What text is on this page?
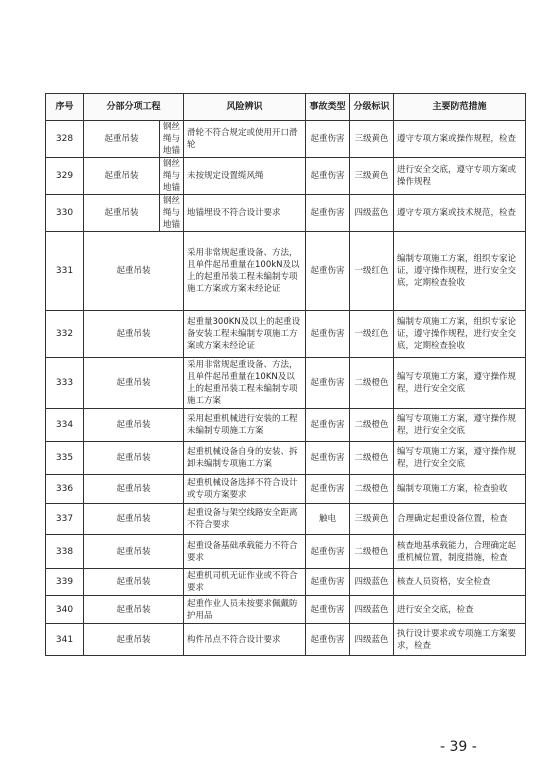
序号	分部分项工程		风险辨识	事故类型	分级标识	主要防范措施
328	起重吊装	钢丝绳与地锚	滑轮不符合规定或使用开口滑轮	起重伤害	三级黄色	遵守专项方案或操作规程，检查
329	起重吊装	钢丝绳与地锚	未按规定设置缆风绳	起重伤害	三级黄色	进行安全交底，遵守专项方案或操作规程
330	起重吊装	钢丝绳与地锚	地锚埋设不符合设计要求	起重伤害	四级蓝色	遵守专项方案或技术规范，检查
331	起重吊装		采用非常规起重设备、方法，且单件起吊重量在100kN及以上的起重吊装工程未编制专项施工方案或方案未经论证	起重伤害	一级红色	编制专项施工方案，组织专家论证，遵守操作规程，进行安全交底，定期检查验收
332	起重吊装		起重量300KN及以上的起重设备安装工程未编制专项施工方案或方案未经论证	起重伤害	一级红色	编制专项施工方案，组织专家论证，遵守操作规程，进行安全交底，定期检查验收
333	起重吊装		采用非常规起重设备、方法，且单件起吊重量在10KN及以上的起重吊装工程未编制专项施工方案	起重伤害	二级橙色	编写专项施工方案，遵守操作规程，进行安全交底
334	起重吊装		采用起重机械进行安装的工程未编制专项施工方案	起重伤害	二级橙色	编写专项施工方案，遵守操作规程，进行安全交底
335	起重吊装		起重机械设备自身的安装、拆卸未编制专项施工方案	起重伤害	二级橙色	编写专项施工方案，遵守操作规程，进行安全交底
336	起重吊装		起重机械设备选择不符合设计或专项方案要求	起重伤害	二级橙色	编制专项施工方案，检查验收
337	起重吊装		起重设备与架空线路安全距离不符合要求	触电	三级黄色	合理确定起重设备位置，检查
338	起重吊装		起重设备基础承载能力不符合要求	起重伤害	二级橙色	核查地基承载能力，合理确定起重机械位置，制度措施，检查
339	起重吊装		起重机司机无证作业或不符合要求	起重伤害	四级蓝色	核查人员资格，安全检查
340	起重吊装		起重作业人员未按要求佩戴防护用品	起重伤害	四级蓝色	进行安全交底，检查
341	起重吊装		构件吊点不符合设计要求	起重伤害	四级蓝色	执行设计要求或专项施工方案要求，检查
- 39 -
